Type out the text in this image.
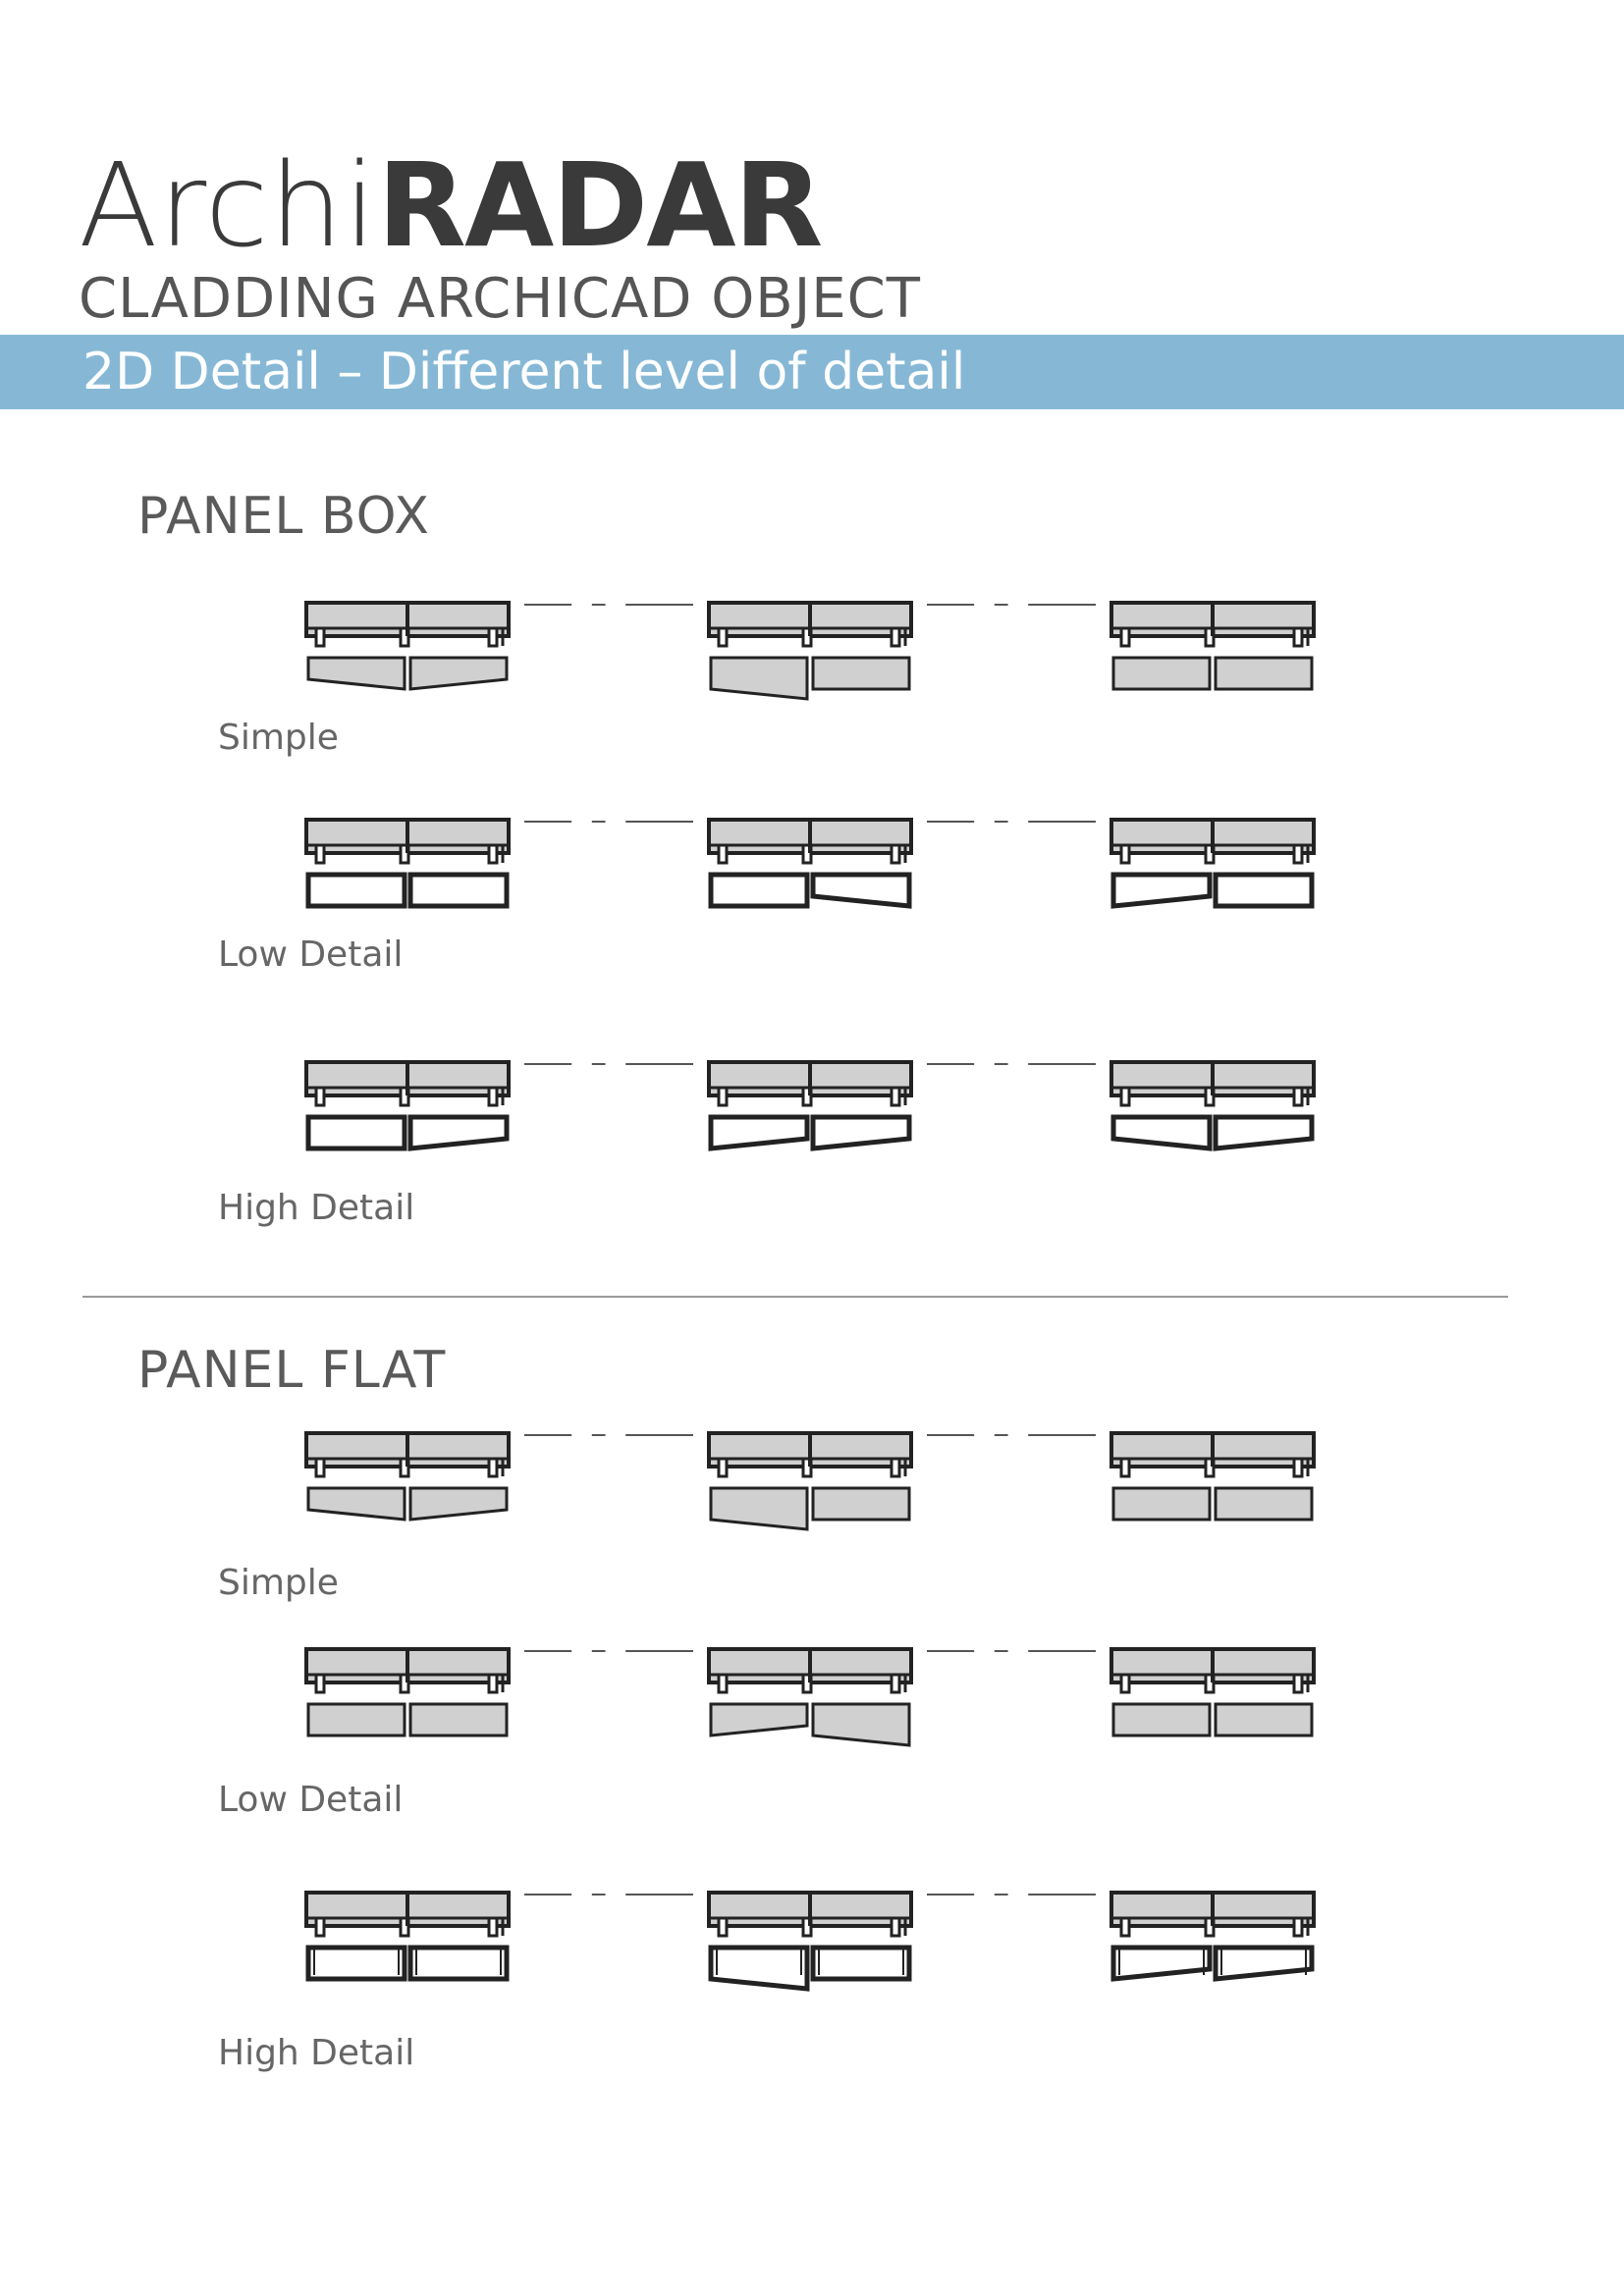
ArchiRADAR
CLADDING ARCHICAD OBJECT
2D Detail – Different level of detail
PANEL BOX
Simple
Low Detail
High Detail
PANEL FLAT
Simple
Low Detail
High Detail
